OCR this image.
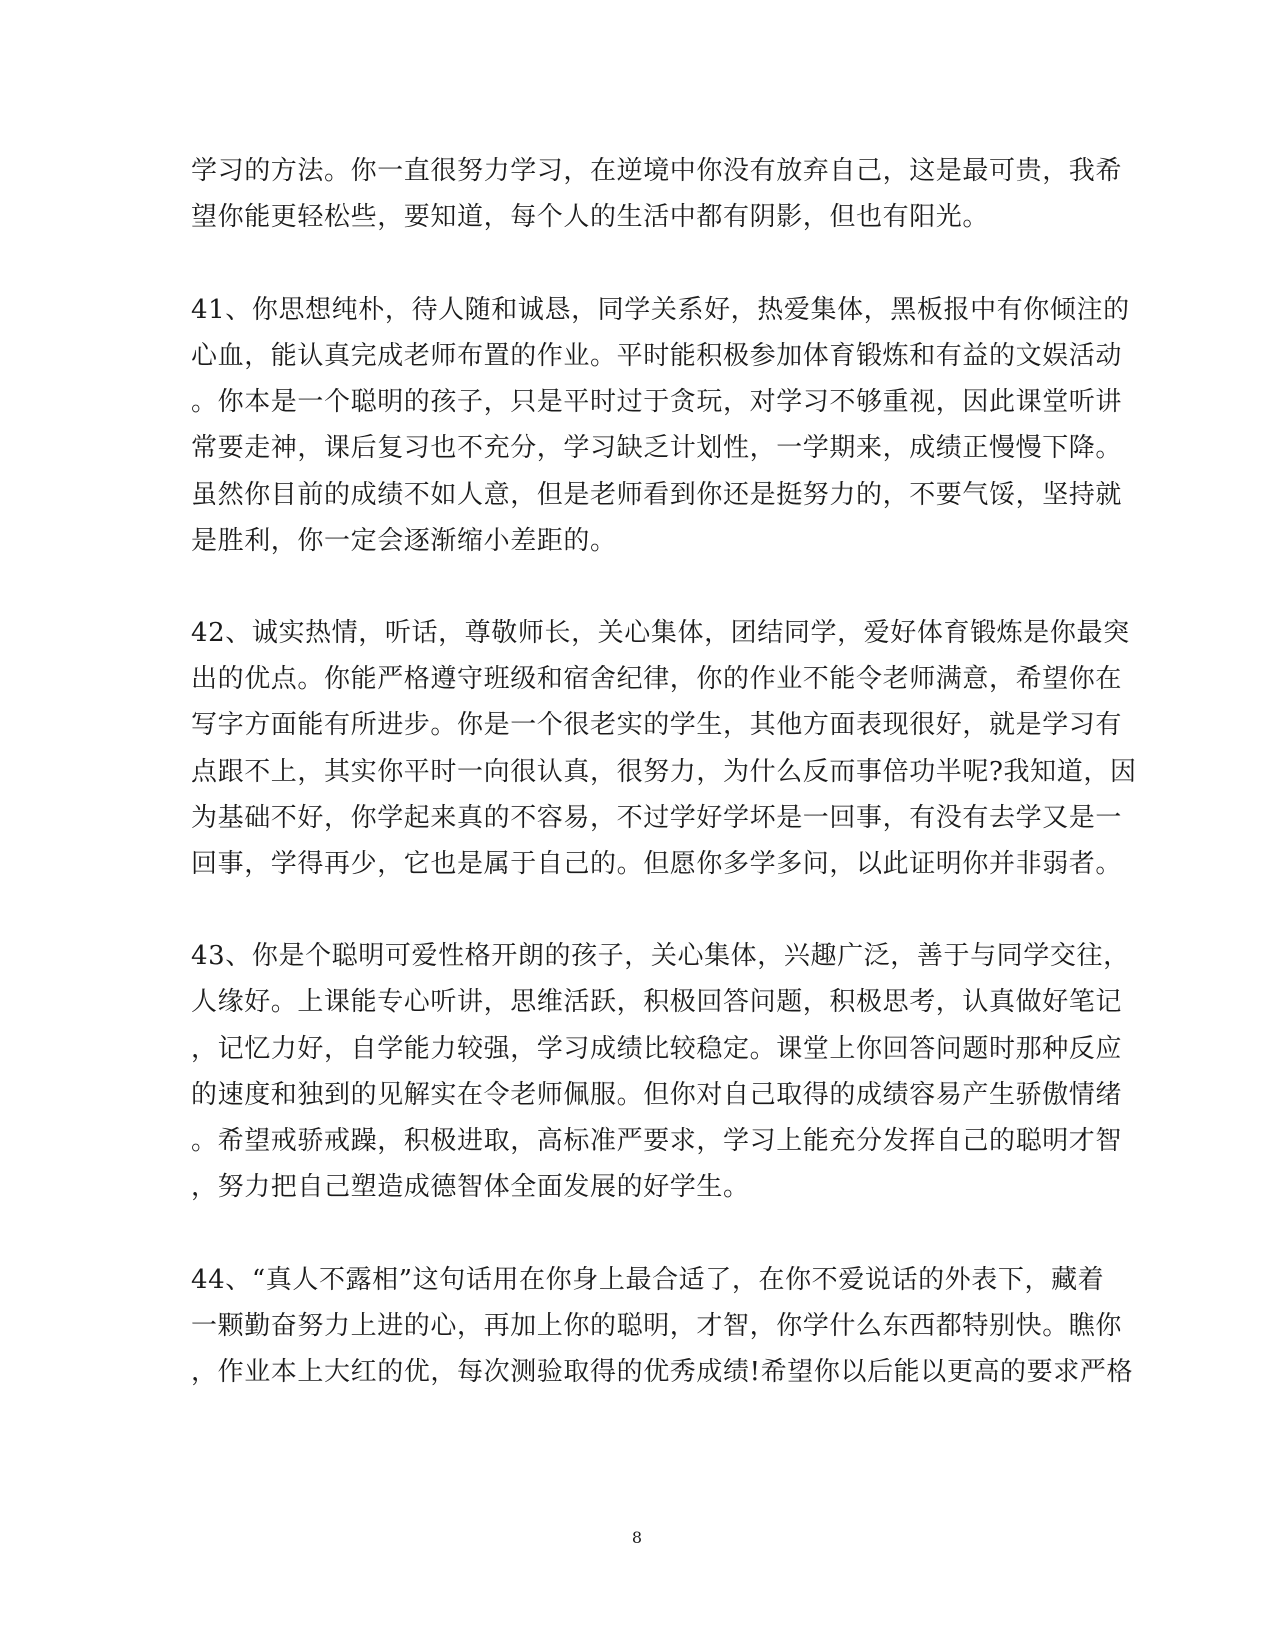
学习的方法。你一直很努力学习，在逆境中你没有放弃自己，这是最可贵，我希
望你能更轻松些，要知道，每个人的生活中都有阴影，但也有阳光。
41、你思想纯朴，待人随和诚恳，同学关系好，热爱集体，黑板报中有你倾注的
心血，能认真完成老师布置的作业。平时能积极参加体育锻炼和有益的文娱活动
。你本是一个聪明的孩子，只是平时过于贪玩，对学习不够重视，因此课堂听讲
常要走神，课后复习也不充分，学习缺乏计划性，一学期来，成绩正慢慢下降。
虽然你目前的成绩不如人意，但是老师看到你还是挺努力的，不要气馁，坚持就
是胜利，你一定会逐渐缩小差距的。
42、诚实热情，听话，尊敬师长，关心集体，团结同学，爱好体育锻炼是你最突
出的优点。你能严格遵守班级和宿舍纪律，你的作业不能令老师满意，希望你在
写字方面能有所进步。你是一个很老实的学生，其他方面表现很好，就是学习有
点跟不上，其实你平时一向很认真，很努力，为什么反而事倍功半呢?我知道，因
为基础不好，你学起来真的不容易，不过学好学坏是一回事，有没有去学又是一
回事，学得再少，它也是属于自己的。但愿你多学多问，以此证明你并非弱者。
43、你是个聪明可爱性格开朗的孩子，关心集体，兴趣广泛，善于与同学交往，
人缘好。上课能专心听讲，思维活跃，积极回答问题，积极思考，认真做好笔记
，记忆力好，自学能力较强，学习成绩比较稳定。课堂上你回答问题时那种反应
的速度和独到的见解实在令老师佩服。但你对自己取得的成绩容易产生骄傲情绪
。希望戒骄戒躁，积极进取，高标准严要求，学习上能充分发挥自己的聪明才智
，努力把自己塑造成德智体全面发展的好学生。
44、“真人不露相”这句话用在你身上最合适了，在你不爱说话的外表下，藏着
一颗勤奋努力上进的心，再加上你的聪明，才智，你学什么东西都特别快。瞧你
，作业本上大红的优，每次测验取得的优秀成绩!希望你以后能以更高的要求严格
8
